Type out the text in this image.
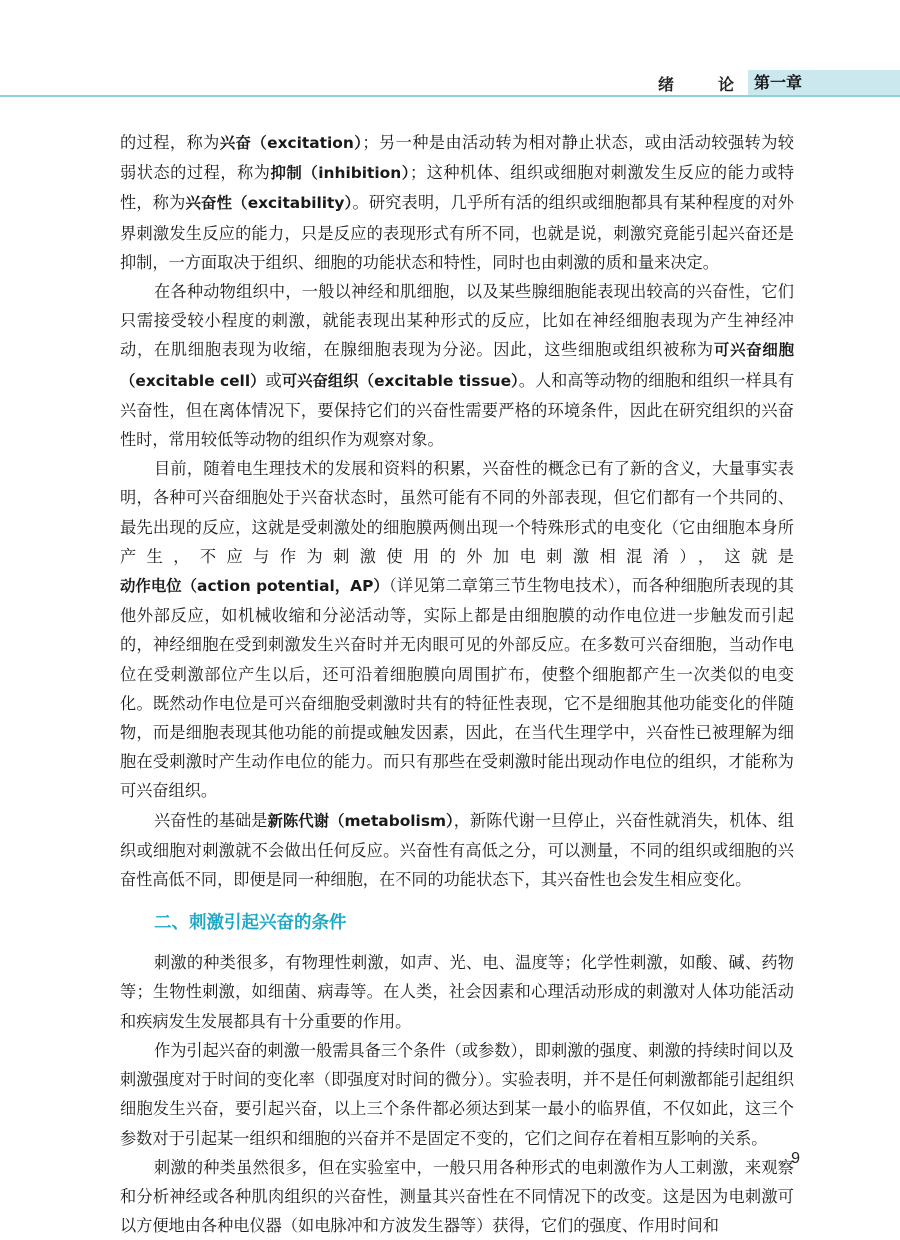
绪　论 第一章

的过程，称为兴奋（excitation）；另一种是由活动转为相对静止状态，或由活动较强转为较弱状态的过程，称为抑制（inhibition）；这种机体、组织或细胞对刺激发生反应的能力或特性，称为兴奋性（excitability）。研究表明，几乎所有活的组织或细胞都具有某种程度的对外界刺激发生反应的能力，只是反应的表现形式有所不同，也就是说，刺激究竟能引起兴奋还是抑制，一方面取决于组织、细胞的功能状态和特性，同时也由刺激的质和量来决定。

在各种动物组织中，一般以神经和肌细胞，以及某些腺细胞能表现出较高的兴奋性，它们只需接受较小程度的刺激，就能表现出某种形式的反应，比如在神经细胞表现为产生神经冲动，在肌细胞表现为收缩，在腺细胞表现为分泌。因此，这些细胞或组织被称为可兴奋细胞（excitable cell）或可兴奋组织（excitable tissue）。人和高等动物的细胞和组织一样具有兴奋性，但在离体情况下，要保持它们的兴奋性需要严格的环境条件，因此在研究组织的兴奋性时，常用较低等动物的组织作为观察对象。

目前，随着电生理技术的发展和资料的积累，兴奋性的概念已有了新的含义，大量事实表明，各种可兴奋细胞处于兴奋状态时，虽然可能有不同的外部表现，但它们都有一个共同的、最先出现的反应，这就是受刺激处的细胞膜两侧出现一个特殊形式的电变化（它由细胞本身所产生，不应与作为刺激使用的外加电刺激相混淆），这就是动作电位（action potential，AP）（详见第二章第三节生物电技术），而各种细胞所表现的其他外部反应，如机械收缩和分泌活动等，实际上都是由细胞膜的动作电位进一步触发而引起的，神经细胞在受到刺激发生兴奋时并无肉眼可见的外部反应。在多数可兴奋细胞，当动作电位在受刺激部位产生以后，还可沿着细胞膜向周围扩布，使整个细胞都产生一次类似的电变化。既然动作电位是可兴奋细胞受刺激时共有的特征性表现，它不是细胞其他功能变化的伴随物，而是细胞表现其他功能的前提或触发因素，因此，在当代生理学中，兴奋性已被理解为细胞在受刺激时产生动作电位的能力。而只有那些在受刺激时能出现动作电位的组织，才能称为可兴奋组织。

兴奋性的基础是新陈代谢（metabolism），新陈代谢一旦停止，兴奋性就消失，机体、组织或细胞对刺激就不会做出任何反应。兴奋性有高低之分，可以测量，不同的组织或细胞的兴奋性高低不同，即便是同一种细胞，在不同的功能状态下，其兴奋性也会发生相应变化。

二、刺激引起兴奋的条件

刺激的种类很多，有物理性刺激，如声、光、电、温度等；化学性刺激，如酸、碱、药物等；生物性刺激，如细菌、病毒等。在人类，社会因素和心理活动形成的刺激对人体功能活动和疾病发生发展都具有十分重要的作用。

作为引起兴奋的刺激一般需具备三个条件（或参数），即刺激的强度、刺激的持续时间以及刺激强度对于时间的变化率（即强度对时间的微分）。实验表明，并不是任何刺激都能引起组织细胞发生兴奋，要引起兴奋，以上三个条件都必须达到某一最小的临界值，不仅如此，这三个参数对于引起某一组织和细胞的兴奋并不是固定不变的，它们之间存在着相互影响的关系。

刺激的种类虽然很多，但在实验室中，一般只用各种形式的电刺激作为人工刺激，来观察和分析神经或各种肌肉组织的兴奋性，测量其兴奋性在不同情况下的改变。这是因为电刺激可以方便地由各种电仪器（如电脉冲和方波发生器等）获得，它们的强度、作用时间和

9
